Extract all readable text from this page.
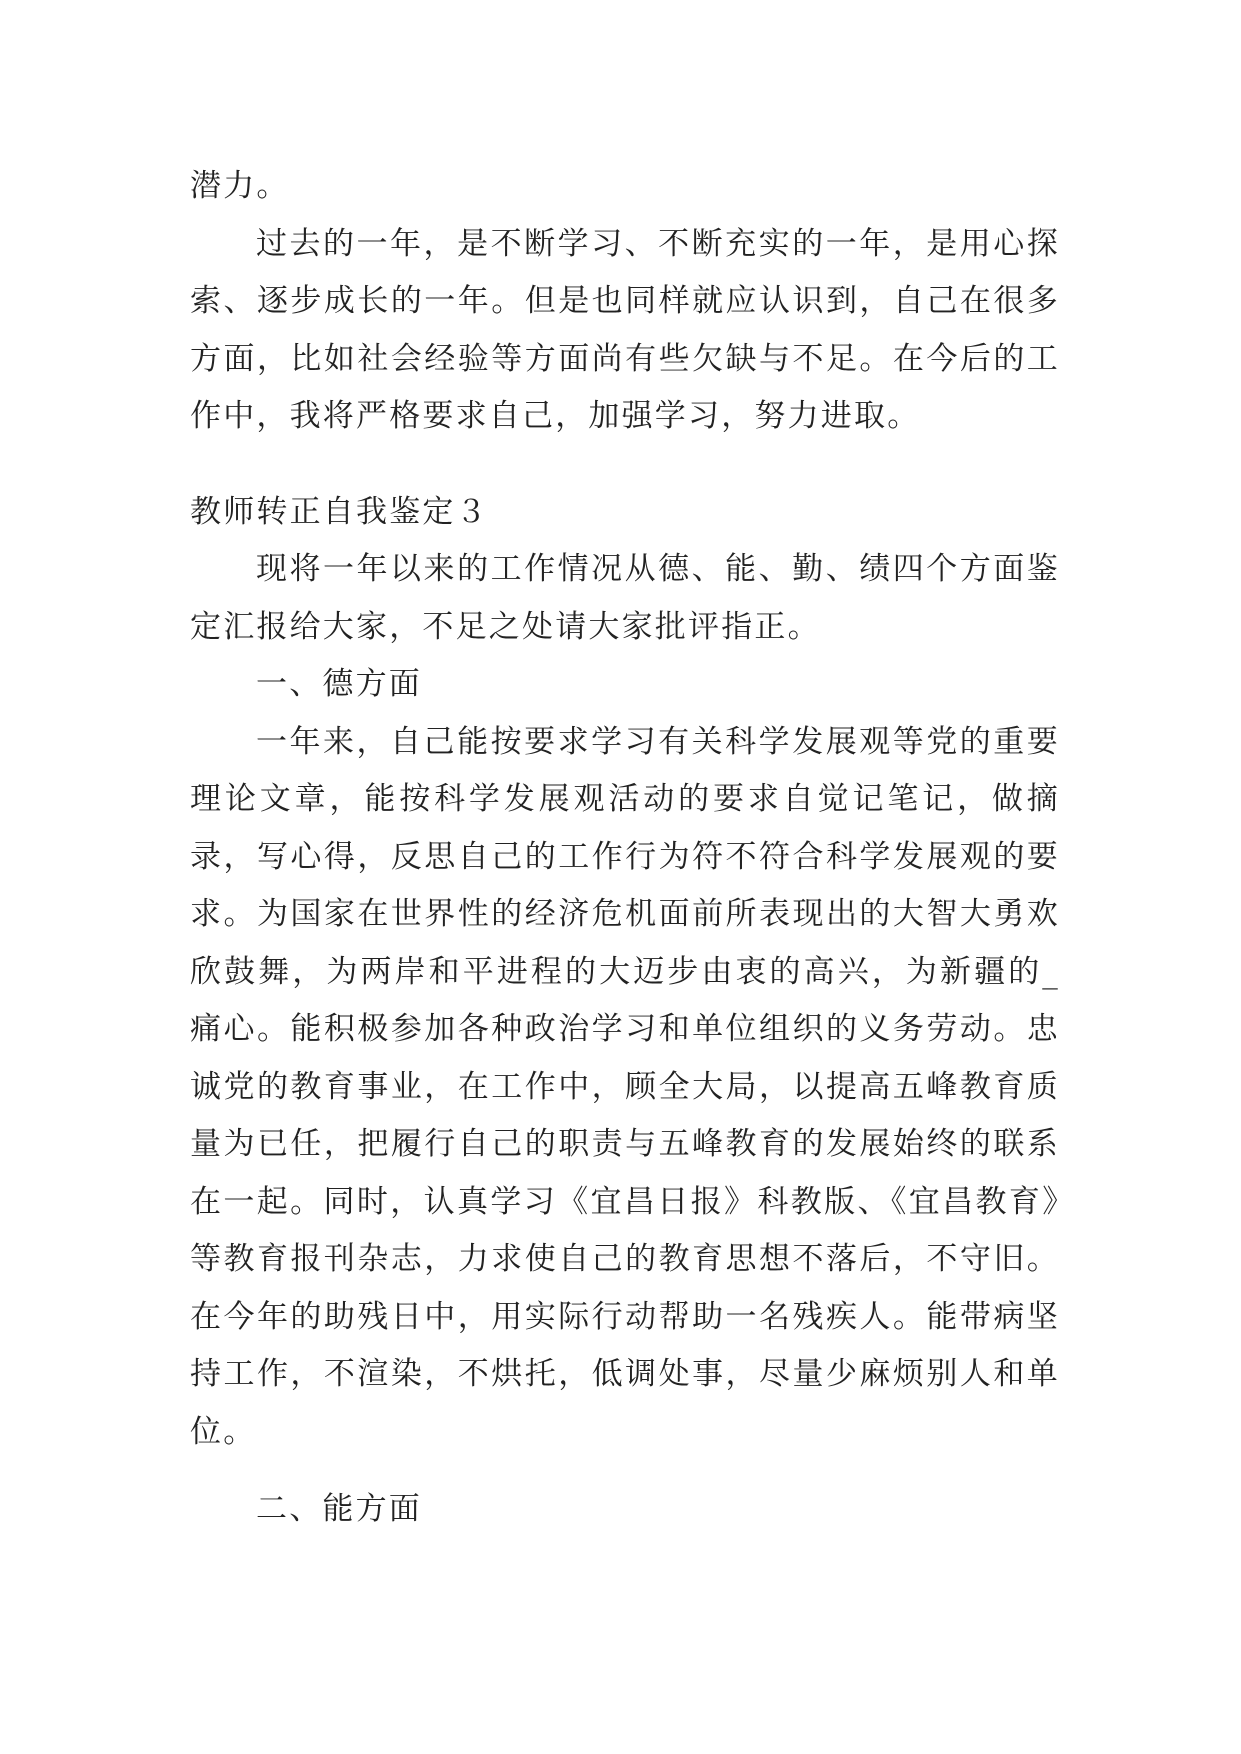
潜力。

过去的一年，是不断学习、不断充实的一年，是用心探索、逐步成长的一年。但是也同样就应认识到，自己在很多方面，比如社会经验等方面尚有些欠缺与不足。在今后的工作中，我将严格要求自己，加强学习，努力进取。

教师转正自我鉴定３

现将一年以来的工作情况从德、能、勤、绩四个方面鉴定汇报给大家，不足之处请大家批评指正。

一、德方面

一年来，自己能按要求学习有关科学发展观等党的重要理论文章，能按科学发展观活动的要求自觉记笔记，做摘录，写心得，反思自己的工作行为符不符合科学发展观的要求。为国家在世界性的经济危机面前所表现出的大智大勇欢欣鼓舞，为两岸和平进程的大迈步由衷的高兴，为新疆的_痛心。能积极参加各种政治学习和单位组织的义务劳动。忠诚党的教育事业，在工作中，顾全大局，以提高五峰教育质量为已任，把履行自己的职责与五峰教育的发展始终的联系在一起。同时，认真学习《宜昌日报》科教版、《宜昌教育》等教育报刊杂志，力求使自己的教育思想不落后，不守旧。在今年的助残日中，用实际行动帮助一名残疾人。能带病坚持工作，不渲染，不烘托，低调处事，尽量少麻烦别人和单位。

二、能方面
